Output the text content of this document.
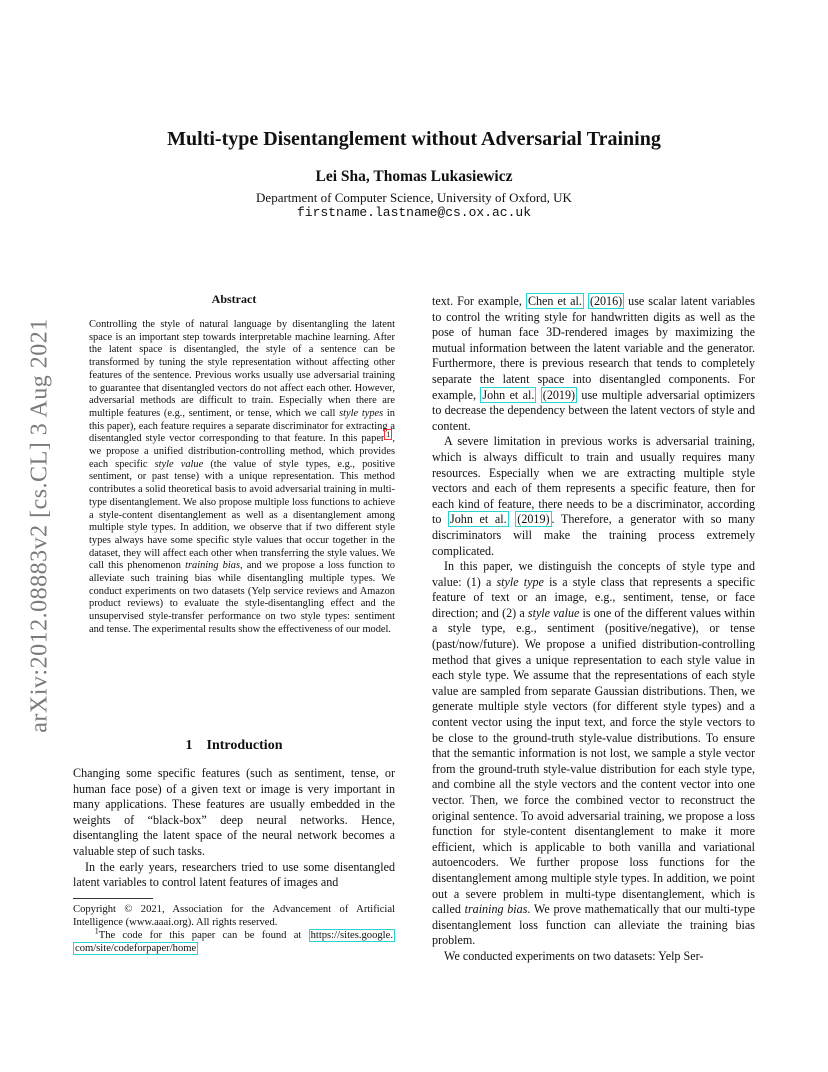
arXiv:2012.08883v2 [cs.CL] 3 Aug 2021
Multi-type Disentanglement without Adversarial Training
Lei Sha, Thomas Lukasiewicz
Department of Computer Science, University of Oxford, UK
firstname.lastname@cs.ox.ac.uk
Abstract
Controlling the style of natural language by disentangling the latent space is an important step towards interpretable machine learning. After the latent space is disentangled, the style of a sentence can be transformed by tuning the style representation without affecting other features of the sentence. Previous works usually use adversarial training to guarantee that disentangled vectors do not affect each other. However, adversarial methods are difficult to train. Especially when there are multiple features (e.g., sentiment, or tense, which we call style types in this paper), each feature requires a separate discriminator for extracting a disentangled style vector corresponding to that feature. In this paper $^1$ , we propose a unified distribution-controlling method, which provides each specific style value (the value of style types, e.g., positive sentiment, or past tense) with a unique representation. This method contributes a solid theoretical basis to avoid adversarial training in multi-type disentanglement. We also propose multiple loss functions to achieve a style-content disentanglement as well as a disentanglement among multiple style types. In addition, we observe that if two different style types always have some specific style values that occur together in the dataset, they will affect each other when transferring the style values. We call this phenomenon training bias, and we propose a loss function to alleviate such training bias while disentangling multiple types. We conduct experiments on two datasets (Yelp service reviews and Amazon product reviews) to evaluate the style-disentangling effect and the unsupervised style-transfer performance on two style types: sentiment and tense. The experimental results show the effectiveness of our model.
1 Introduction

Changing some specific features (such as sentiment, tense, or human face pose) of a given text or image is very important in many applications. These features are usually embedded in the weights of “black-box” deep neural networks. Hence, disentangling the latent space of the neural network becomes a valuable step of such tasks.

In the early years, researchers tried to use some disentangled latent variables to control latent features of images and

Copyright © 2021, Association for the Advancement of Artificial Intelligence (www.aaai.org). All rights reserved.

$^1$The code for this paper can be found at https://sites.google. com/site/codeforpaper/home

text. For example, Chen et al. (2016) use scalar latent variables to control the writing style for handwritten digits as well as the pose of human face 3D-rendered images by maximizing the mutual information between the latent variable and the generator. Furthermore, there is previous research that tends to completely separate the latent space into disentangled components. For example, John et al. (2019) use multiple adversarial optimizers to decrease the dependency between the latent vectors of style and content.

A severe limitation in previous works is adversarial training, which is always difficult to train and usually requires many resources. Especially when we are extracting multiple style vectors and each of them represents a specific feature, then for each kind of feature, there needs to be a discriminator, according to John et al. (2019) . Therefore, a generator with so many discriminators will make the training process extremely complicated.

In this paper, we distinguish the concepts of style type and value: (1) a style type is a style class that represents a specific feature of text or an image, e.g., sentiment, tense, or face direction; and (2) a style value is one of the different values within a style type, e.g., sentiment (positive/negative), or tense (past/now/future). We propose a unified distribution-controlling method that gives a unique representation to each style value in each style type. We assume that the representations of each style value are sampled from separate Gaussian distributions. Then, we generate multiple style vectors (for different style types) and a content vector using the input text, and force the style vectors to be close to the ground-truth style-value distributions. To ensure that the semantic information is not lost, we sample a style vector from the ground-truth style-value distribution for each style type, and combine all the style vectors and the content vector into one vector. Then, we force the combined vector to reconstruct the original sentence. To avoid adversarial training, we propose a loss function for style-content disentanglement to make it more efficient, which is applicable to both vanilla and variational autoencoders. We further propose loss functions for the disentanglement among multiple style types. In addition, we point out a severe problem in multi-type disentanglement, which is called training bias. We prove mathematically that our multi-type disentanglement loss function can alleviate the training bias problem.

We conducted experiments on two datasets: Yelp Ser-
